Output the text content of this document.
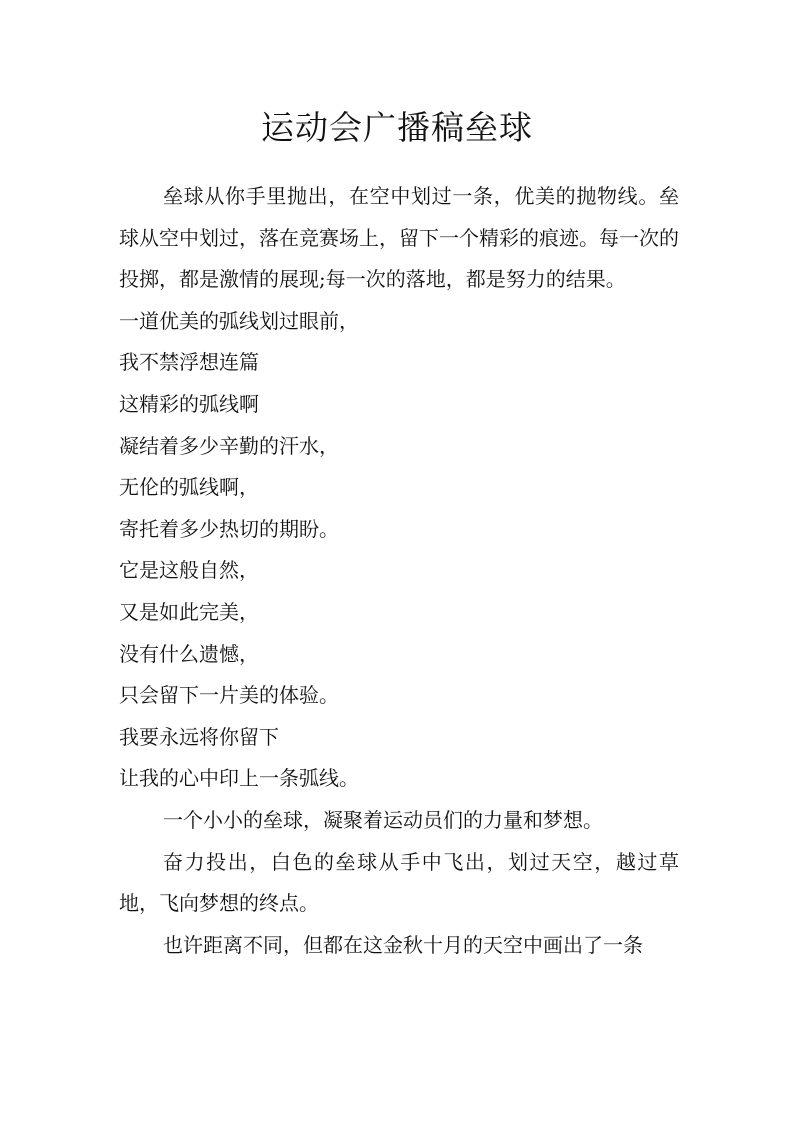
运动会广播稿垒球

垒球从你手里抛出，在空中划过一条，优美的抛物线。垒球从空中划过，落在竞赛场上，留下一个精彩的痕迹。每一次的投掷，都是激情的展现;每一次的落地，都是努力的结果。

一道优美的弧线划过眼前，

我不禁浮想连篇

这精彩的弧线啊

凝结着多少辛勤的汗水，

无伦的弧线啊，

寄托着多少热切的期盼。

它是这般自然，

又是如此完美，

没有什么遗憾，

只会留下一片美的体验。

我要永远将你留下

让我的心中印上一条弧线。

一个小小的垒球，凝聚着运动员们的力量和梦想。

奋力投出，白色的垒球从手中飞出，划过天空，越过草地，飞向梦想的终点。

也许距离不同，但都在这金秋十月的天空中画出了一条
